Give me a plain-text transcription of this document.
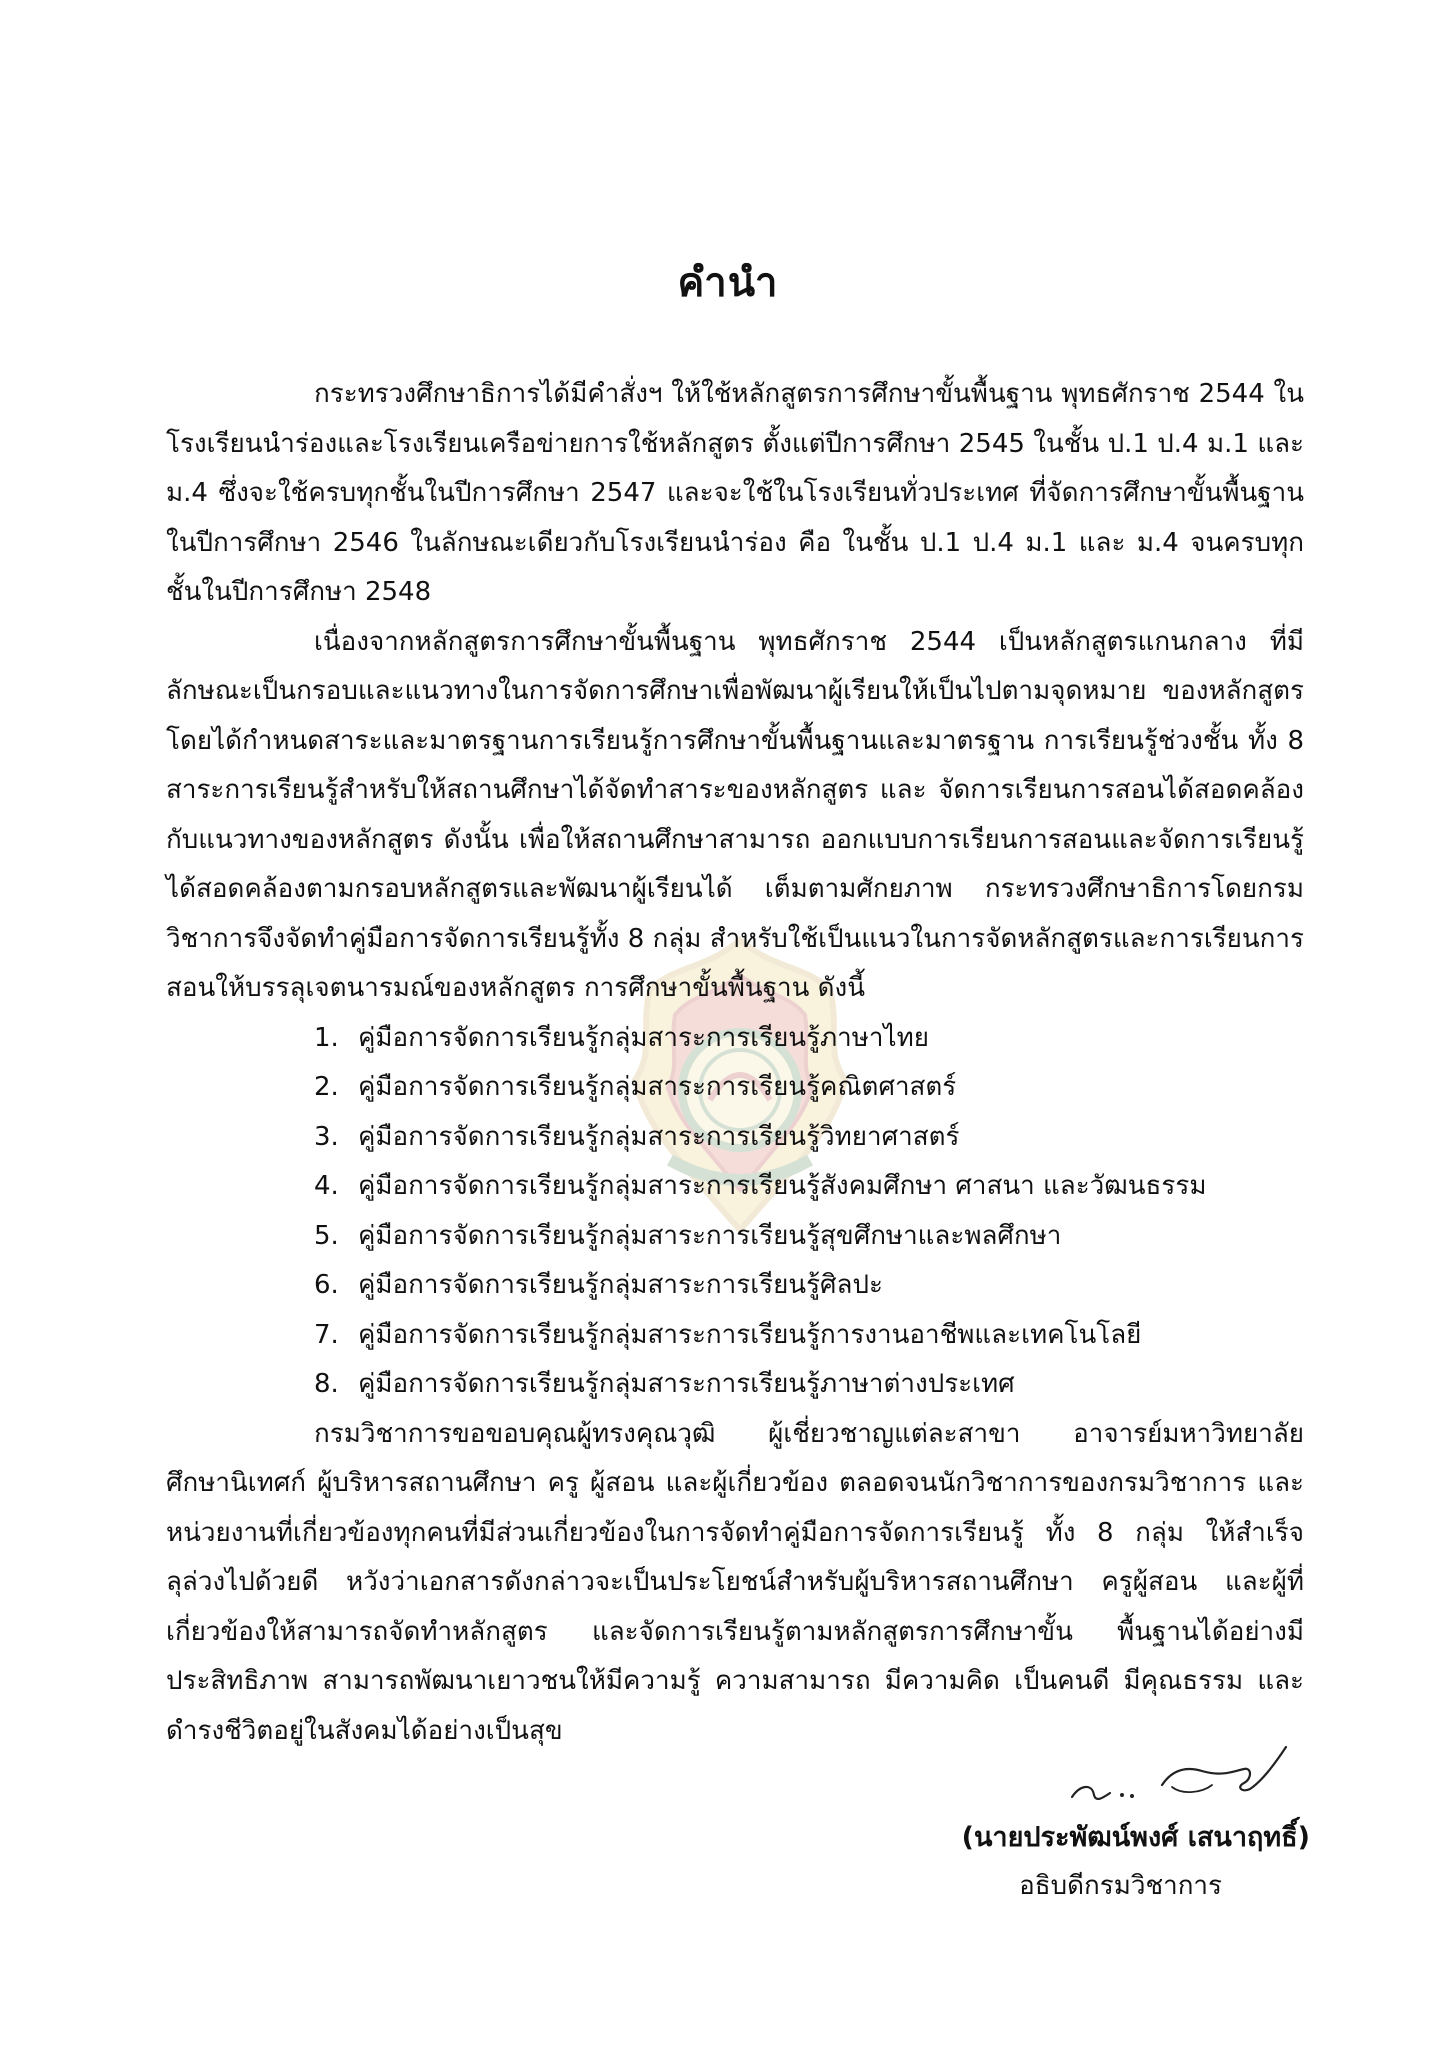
คำนำ

กระทรวงศึกษาธิการได้มีคำสั่งฯ ให้ใช้หลักสูตรการศึกษาขั้นพื้นฐาน พุทธศักราช 2544 ในโรงเรียนนำร่องและโรงเรียนเครือข่ายการใช้หลักสูตร ตั้งแต่ปีการศึกษา 2545 ในชั้น ป.1 ป.4 ม.1 และ ม.4 ซึ่งจะใช้ครบทุกชั้นในปีการศึกษา 2547 และจะใช้ในโรงเรียนทั่วประเทศ ที่จัดการศึกษาขั้นพื้นฐาน ในปีการศึกษา 2546 ในลักษณะเดียวกับโรงเรียนนำร่อง คือ ในชั้น ป.1 ป.4 ม.1 และ ม.4 จนครบทุกชั้นในปีการศึกษา 2548

เนื่องจากหลักสูตรการศึกษาขั้นพื้นฐาน พุทธศักราช 2544 เป็นหลักสูตรแกนกลาง ที่มีลักษณะเป็นกรอบและแนวทางในการจัดการศึกษาเพื่อพัฒนาผู้เรียนให้เป็นไปตามจุดหมาย ของหลักสูตร โดยได้กำหนดสาระและมาตรฐานการเรียนรู้การศึกษาขั้นพื้นฐานและมาตรฐาน การเรียนรู้ช่วงชั้น ทั้ง 8 สาระการเรียนรู้สำหรับให้สถานศึกษาได้จัดทำสาระของหลักสูตร และ จัดการเรียนการสอนได้สอดคล้องกับแนวทางของหลักสูตร ดังนั้น เพื่อให้สถานศึกษาสามารถ ออกแบบการเรียนการสอนและจัดการเรียนรู้ได้สอดคล้องตามกรอบหลักสูตรและพัฒนาผู้เรียนได้ เต็มตามศักยภาพ กระทรวงศึกษาธิการโดยกรมวิชาการจึงจัดทำคู่มือการจัดการเรียนรู้ทั้ง 8 กลุ่ม สำหรับใช้เป็นแนวในการจัดหลักสูตรและการเรียนการสอนให้บรรลุเจตนารมณ์ของหลักสูตร การศึกษาขั้นพื้นฐาน ดังนี้

1. คู่มือการจัดการเรียนรู้กลุ่มสาระการเรียนรู้ภาษาไทย
2. คู่มือการจัดการเรียนรู้กลุ่มสาระการเรียนรู้คณิตศาสตร์
3. คู่มือการจัดการเรียนรู้กลุ่มสาระการเรียนรู้วิทยาศาสตร์
4. คู่มือการจัดการเรียนรู้กลุ่มสาระการเรียนรู้สังคมศึกษา ศาสนา และวัฒนธรรม
5. คู่มือการจัดการเรียนรู้กลุ่มสาระการเรียนรู้สุขศึกษาและพลศึกษา
6. คู่มือการจัดการเรียนรู้กลุ่มสาระการเรียนรู้ศิลปะ
7. คู่มือการจัดการเรียนรู้กลุ่มสาระการเรียนรู้การงานอาชีพและเทคโนโลยี
8. คู่มือการจัดการเรียนรู้กลุ่มสาระการเรียนรู้ภาษาต่างประเทศ

กรมวิชาการขอขอบคุณผู้ทรงคุณวุฒิ ผู้เชี่ยวชาญแต่ละสาขา อาจารย์มหาวิทยาลัย ศึกษานิเทศก์ ผู้บริหารสถานศึกษา ครู ผู้สอน และผู้เกี่ยวข้อง ตลอดจนนักวิชาการของกรมวิชาการ และหน่วยงานที่เกี่ยวข้องทุกคนที่มีส่วนเกี่ยวข้องในการจัดทำคู่มือการจัดการเรียนรู้ ทั้ง 8 กลุ่ม ให้สำเร็จลุล่วงไปด้วยดี หวังว่าเอกสารดังกล่าวจะเป็นประโยชน์สำหรับผู้บริหารสถานศึกษา ครูผู้สอน และผู้ที่เกี่ยวข้องให้สามารถจัดทำหลักสูตร และจัดการเรียนรู้ตามหลักสูตรการศึกษาขั้น พื้นฐานได้อย่างมีประสิทธิภาพ สามารถพัฒนาเยาวชนให้มีความรู้ ความสามารถ มีความคิด เป็นคนดี มีคุณธรรม และดำรงชีวิตอยู่ในสังคมได้อย่างเป็นสุข

(นายประพัฒน์พงศ์ เสนาฤทธิ์)
อธิบดีกรมวิชาการ
